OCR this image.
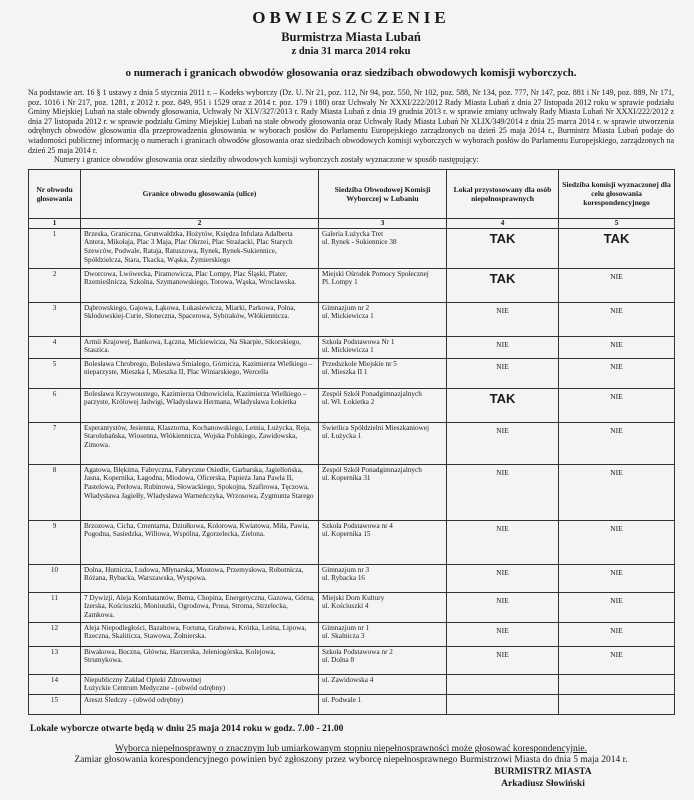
OBWIESZCZENIE
Burmistrza Miasta Lubań
z dnia 31 marca 2014 roku
o numerach i granicach obwodów głosowania oraz siedzibach obwodowych komisji wyborczych.
Na podstawie art. 16 § 1 ustawy z dnia 5 stycznia 2011 r. – Kodeks wyborczy (Dz. U. Nr 21, poz. 112, Nr 94, poz. 550, Nr 102, poz. 588, Nr 134, poz. 777, Nr 147, poz. 881 i Nr 149, poz. 889, Nr 171, poz. 1016 i Nr 217, poz. 1281, z 2012 r. poz. 849, 951 i 1529 oraz z 2014 r. poz. 179 i 180) oraz Uchwały Nr XXXI/222/2012 Rady Miasta Lubań z dnia 27 listopada 2012 roku w sprawie podziału Gminy Miejskiej Lubań na stałe obwody głosowania, Uchwały Nr XLV/327/2013 r. Rady Miasta Lubań z dnia 19 grudnia 2013 r. w sprawie zmiany uchwały Rady Miasta Lubań Nr XXXI/222/2012 z dnia 27 listopada 2012 r. w sprawie podziału Gminy Miejskiej Lubań na stałe obwody głosowania oraz Uchwały Rady Miasta Lubań Nr XLIX/349/2014 z dnia 25 marca 2014 r. w sprawie utworzenia odrębnych obwodów głosowania dla przeprowadzenia głosowania w wyborach posłów do Parlamentu Europejskiego zarządzonych na dzień 25 maja 2014 r., Burmistrz Miasta Lubań podaje do wiadomości publicznej informację o numerach i granicach obwodów głosowania oraz siedzibach obwodowych komisji wyborczych w wyborach posłów do Parlamentu Europejskiego, zarządzonych na dzień 25 maja 2014 r.
Numery i granice obwodów głosowania oraz siedziby obwodowych komisji wyborczych zostały wyznaczone w sposób następujący:
Nr obwodu głosowania	Granice obwodu głosowania (ulice)	Siedziba Obwodowej Komisji Wyborczej w Lubaniu	Lokal przystosowany dla osób niepełnosprawnych	Siedziba komisji wyznaczonej dla celu głosowania korespondencyjnego
1	2	3	4	5
1	Brzeska, Graniczna, Grunwaldzka, Hożytów, Księdza Infulata Adalberta Antera, Mikołaja, Plac 3 Maja, Plac Okrzei, Plac Strażacki, Plac Starych Szewców, Podwale, Rataja, Ratuszowa, Rynek, Rynek-Sukiennice, Spółdzielcza, Stara, Tkacka, Wąska, Żymierskiego	Galeria Łużycka Tret
ul. Rynek - Sukiennice 38	TAK	TAK
2	Dworcowa, Lwówecka, Piramowicza, Plac Lompy, Plac Śląski, Plater, Rzemieślnicza, Szkolna, Szymanowskiego, Torowa, Wąska, Wrocławska.	Miejski Ośrodek Pomocy Społecznej
Pl. Lompy 1	TAK	NIE
3	Dąbrowskiego, Gajowa, Łąkowa, Łukasiewicza, Miarki, Parkowa, Polna, Skłodowskiej-Curie, Słoneczna, Spacerowa, Sybiraków, Włókiennicza.	Gimnazjum nr 2
ul. Mickiewicza 1	NIE	NIE
4	Armii Krajowej, Bankowa, Łączna, Mickiewicza, Na Skarpie, Sikorskiego, Staszica.	Szkoła Podstawowa Nr 1
ul. Mickiewicza 1	NIE	NIE
5	Bolesława Chrobrego, Bolesława Śmiałego, Górnicza, Kazimierza Wielkiego – nieparzyste, Mieszka I, Mieszka II, Plac Winiarskiego, Wercella	Przedszkole Miejskie nr 5
ul. Mieszka II 1	NIE	NIE
6	Bolesława Krzywoustego, Kazimierza Odnowiciela, Kazimierza Wielkiego – parzyste, Królowej Jadwigi, Władysława Hermana, Władysława Łokietka	Zespół Szkół Ponadgimnazjalnych
ul. Wł. Łokietka 2	TAK	NIE
7	Esperantystów, Jesienna, Klasztorna, Kochanowskiego, Letnia, Łużycka, Reja, Starolubańska, Wiosenna, Włókiennicza, Wojska Polskiego, Zawidowska, Zimowa.	Świetlica Spółdzielni Mieszkaniowej
ul. Łużycka 1	NIE	NIE
8	Agatowa, Błękitna, Fabryczna, Fabryczne Osiedle, Garbarska, Jagiellońska, Jasna, Kopernika, Łagodna, Miodowa, Oficerska, Papieża Jana Pawła II, Pastelowa, Perłowa, Rubinowa, Słowackiego, Spokojna, Szafirowa, Tęczowa, Władysława Jagiełły, Władysława Warneńczyka, Wrzosowa, Zygmunta Starego	Zespół Szkół Ponadgimnazjalnych
ul. Kopernika 31	NIE	NIE
9	Brzozowa, Cicha, Cmentarna, Dziułkowa, Kolorowa, Kwiatowa, Miła, Pawia, Pogodna, Sasiedzka, Willowa, Wspólna, Zgorzelecka, Zielona.	Szkoła Podstawowa nr 4
ul. Kopernika 15	NIE	NIE
10	Dolna, Hutnicza, Ludowa, Młynarska, Mostowa, Przemysłowa, Robotnicza, Różana, Rybacka, Warszawska, Wyspowa.	Gimnazjum nr 3
ul. Rybacka 16	NIE	NIE
11	7 Dywizji, Aleja Kombatantów, Bema, Chopina, Energetyczna, Gazowa, Górna, Izerska, Kościuszki, Moniuszki, Ogrodowa, Prusa, Stroma, Strzelecka, Zamkowa.	Miejski Dom Kultury
ul. Kościuszki 4	NIE	NIE
12	Aleja Niepodległości, Bazaltowa, Fortuna, Grabowa, Krótka, Leśna, Lipowa, Rzeczna, Skaliticza, Stawowa, Żołnierska.	Gimnazjum nr 1
ul. Skalnicza 3	NIE	NIE
13	Biwakowa, Boczna, Główna, Harcerska, Jeleniogórska, Kolejowa, Strumykowa.	Szkoła Podstawowa nr 2
ul. Dolna 8	NIE	NIE
14	Niepubliczny Zakład Opieki Zdrowotnej
Łużyckie Centrum Medyczne - (obwód odrębny)	ul. Zawidowska 4		
15	Areszt Śledczy - (obwód odrębny)	ul. Podwale 1		
Lokale wyborcze otwarte będą w dniu 25 maja 2014 roku w godz. 7.00 - 21.00
Wyborca niepełnosprawny o znacznym lub umiarkowanym stopniu niepełnosprawności może głosować korespondencyjnie.
Zamiar głosowania korespondencyjnego powinien być zgłoszony przez wyborcę niepełnosprawnego Burmistrzowi Miasta do dnia 5 maja 2014 r.
BURMISTRZ MIASTA
Arkadiusz Słowiński
